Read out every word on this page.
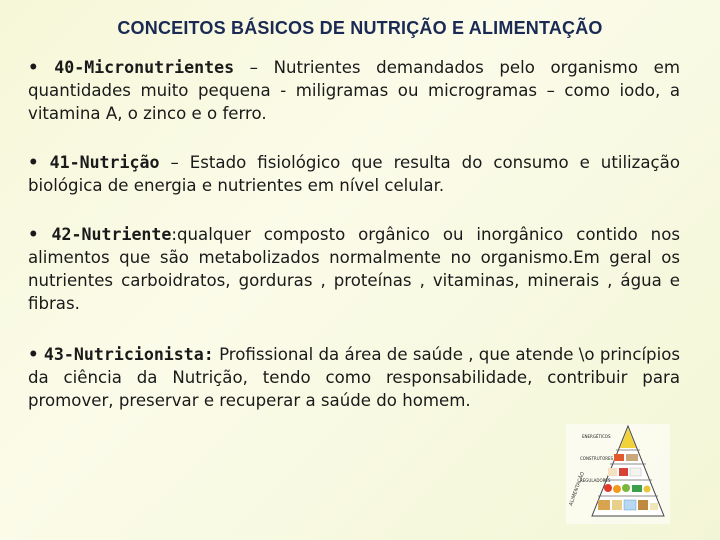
CONCEITOS BÁSICOS DE NUTRIÇÃO E ALIMENTAÇÃO

• 40-Micronutrientes – Nutrientes demandados pelo organismo em quantidades muito pequena - miligramas ou microgramas – como iodo, a vitamina A, o zinco e o ferro.

• 41-Nutrição – Estado fisiológico que resulta do consumo e utilização biológica de energia e nutrientes em nível celular.

• 42-Nutriente:qualquer composto orgânico ou inorgânico contido nos alimentos que são metabolizados normalmente no organismo.Em geral os nutrientes carboidratos, gorduras , proteínas , vitaminas, minerais , água e fibras.

• 43-Nutricionista: Profissional da área de saúde , que atende \o princípios da ciência da Nutrição, tendo como responsabilidade, contribuir para promover, preservar e recuperar a saúde do homem.

ALIMENTAÇÃO
ENERGÉTICOS
CONSTRUTORES
REGULADORES
